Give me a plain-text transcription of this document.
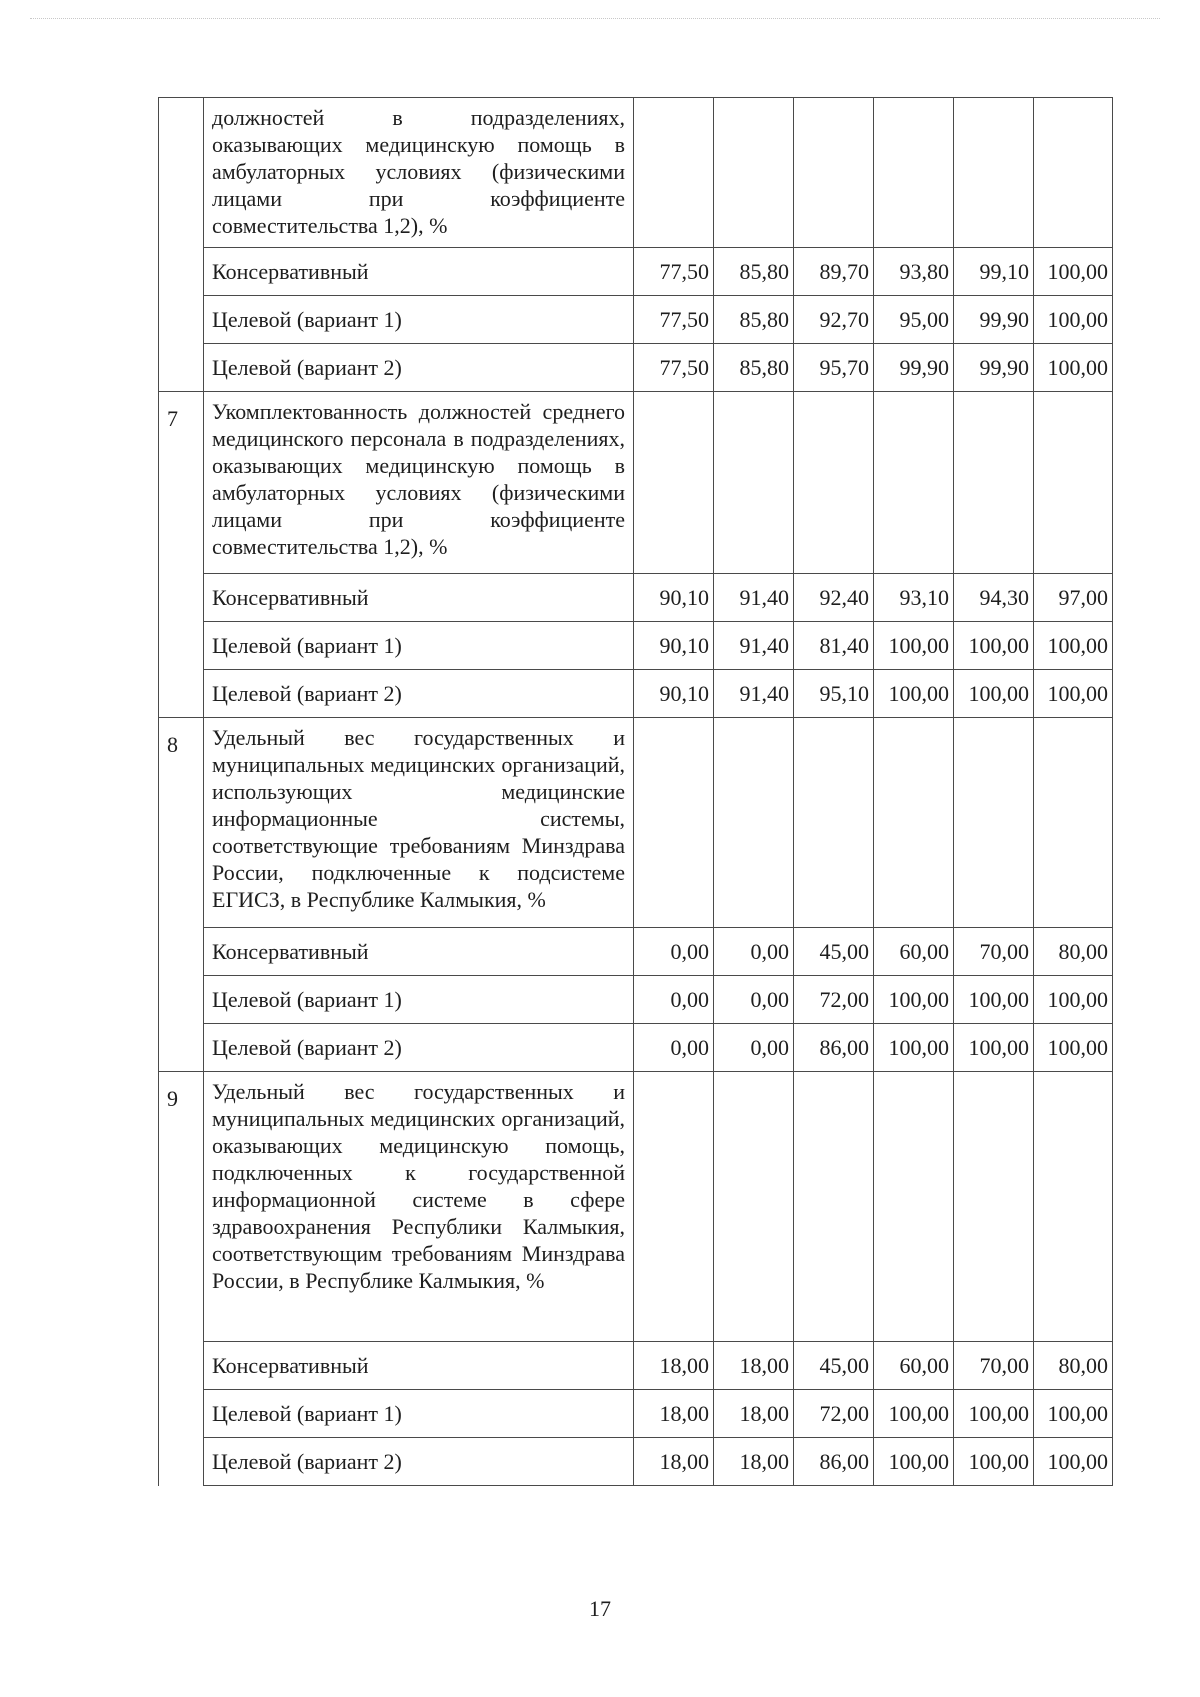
	должностей в подразделениях, оказывающих медицинскую помощь в амбулаторных условиях (физическими лицами при коэффициенте совместительства 1,2), %						
	Консервативный	77,50	85,80	89,70	93,80	99,10	100,00
	Целевой (вариант 1)	77,50	85,80	92,70	95,00	99,90	100,00
	Целевой (вариант 2)	77,50	85,80	95,70	99,90	99,90	100,00
7	Укомплектованность должностей среднего медицинского персонала в подразделениях, оказывающих медицинскую помощь в амбулаторных условиях (физическими лицами при коэффициенте совместительства 1,2), %						
	Консервативный	90,10	91,40	92,40	93,10	94,30	97,00
	Целевой (вариант 1)	90,10	91,40	81,40	100,00	100,00	100,00
	Целевой (вариант 2)	90,10	91,40	95,10	100,00	100,00	100,00
8	Удельный вес государственных и муниципальных медицинских организаций, использующих медицинские информационные системы, соответствующие требованиям Минздрава России, подключенные к подсистеме ЕГИСЗ, в Республике Калмыкия, %						
	Консервативный	0,00	0,00	45,00	60,00	70,00	80,00
	Целевой (вариант 1)	0,00	0,00	72,00	100,00	100,00	100,00
	Целевой (вариант 2)	0,00	0,00	86,00	100,00	100,00	100,00
9	Удельный вес государственных и муниципальных медицинских организаций, оказывающих медицинскую помощь, подключенных к государственной информационной системе в сфере здравоохранения Республики Калмыкия, соответствующим требованиям Минздрава России, в Республике Калмыкия, %						
	Консервативный	18,00	18,00	45,00	60,00	70,00	80,00
	Целевой (вариант 1)	18,00	18,00	72,00	100,00	100,00	100,00
	Целевой (вариант 2)	18,00	18,00	86,00	100,00	100,00	100,00
17
